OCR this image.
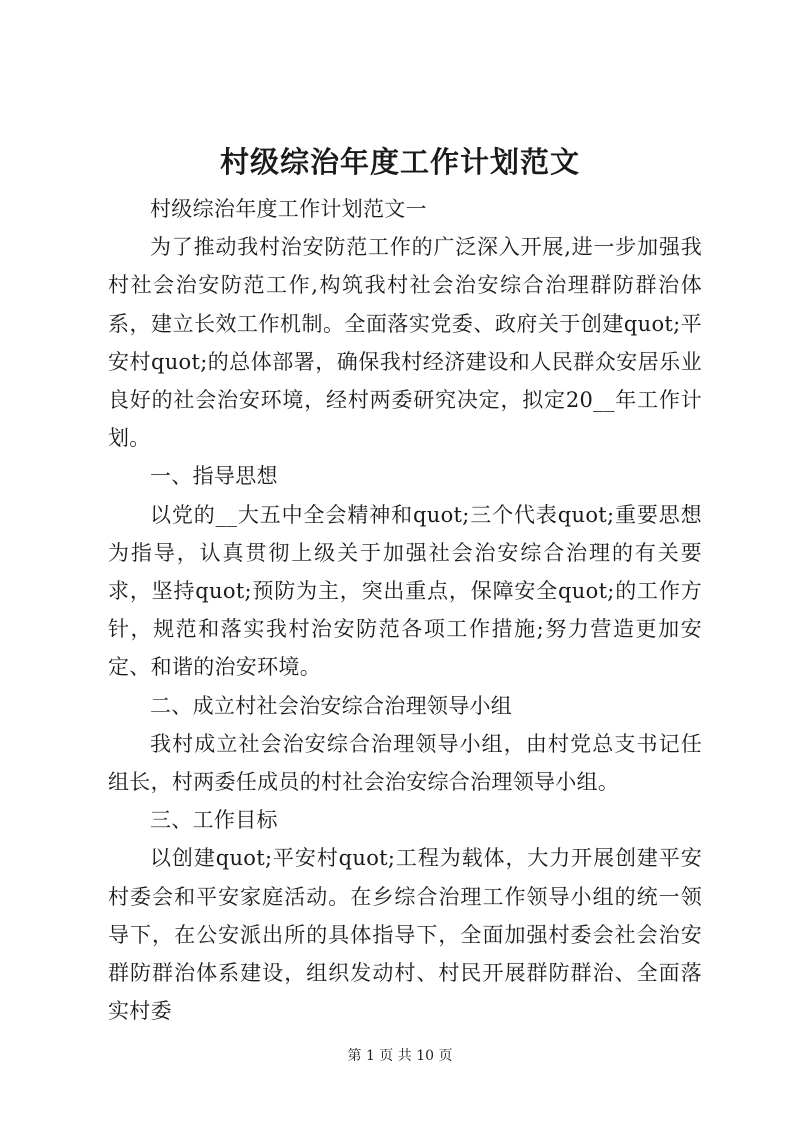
村级综治年度工作计划范文

村级综治年度工作计划范文一

为了推动我村治安防范工作的广泛深入开展,进一步加强我村社会治安防范工作,构筑我村社会治安综合治理群防群治体系，建立长效工作机制。全面落实党委、政府关于创建quot;平安村quot;的总体部署，确保我村经济建设和人民群众安居乐业良好的社会治安环境，经村两委研究决定，拟定20__年工作计划。

一、指导思想

以党的__大五中全会精神和quot;三个代表quot;重要思想为指导，认真贯彻上级关于加强社会治安综合治理的有关要求，坚持quot;预防为主，突出重点，保障安全quot;的工作方针，规范和落实我村治安防范各项工作措施;努力营造更加安定、和谐的治安环境。

二、成立村社会治安综合治理领导小组

我村成立社会治安综合治理领导小组，由村党总支书记任组长，村两委任成员的村社会治安综合治理领导小组。

三、工作目标

以创建quot;平安村quot;工程为载体，大力开展创建平安村委会和平安家庭活动。在乡综合治理工作领导小组的统一领导下，在公安派出所的具体指导下，全面加强村委会社会治安群防群治体系建设，组织发动村、村民开展群防群治、全面落实村委

第 1 页 共 10 页
